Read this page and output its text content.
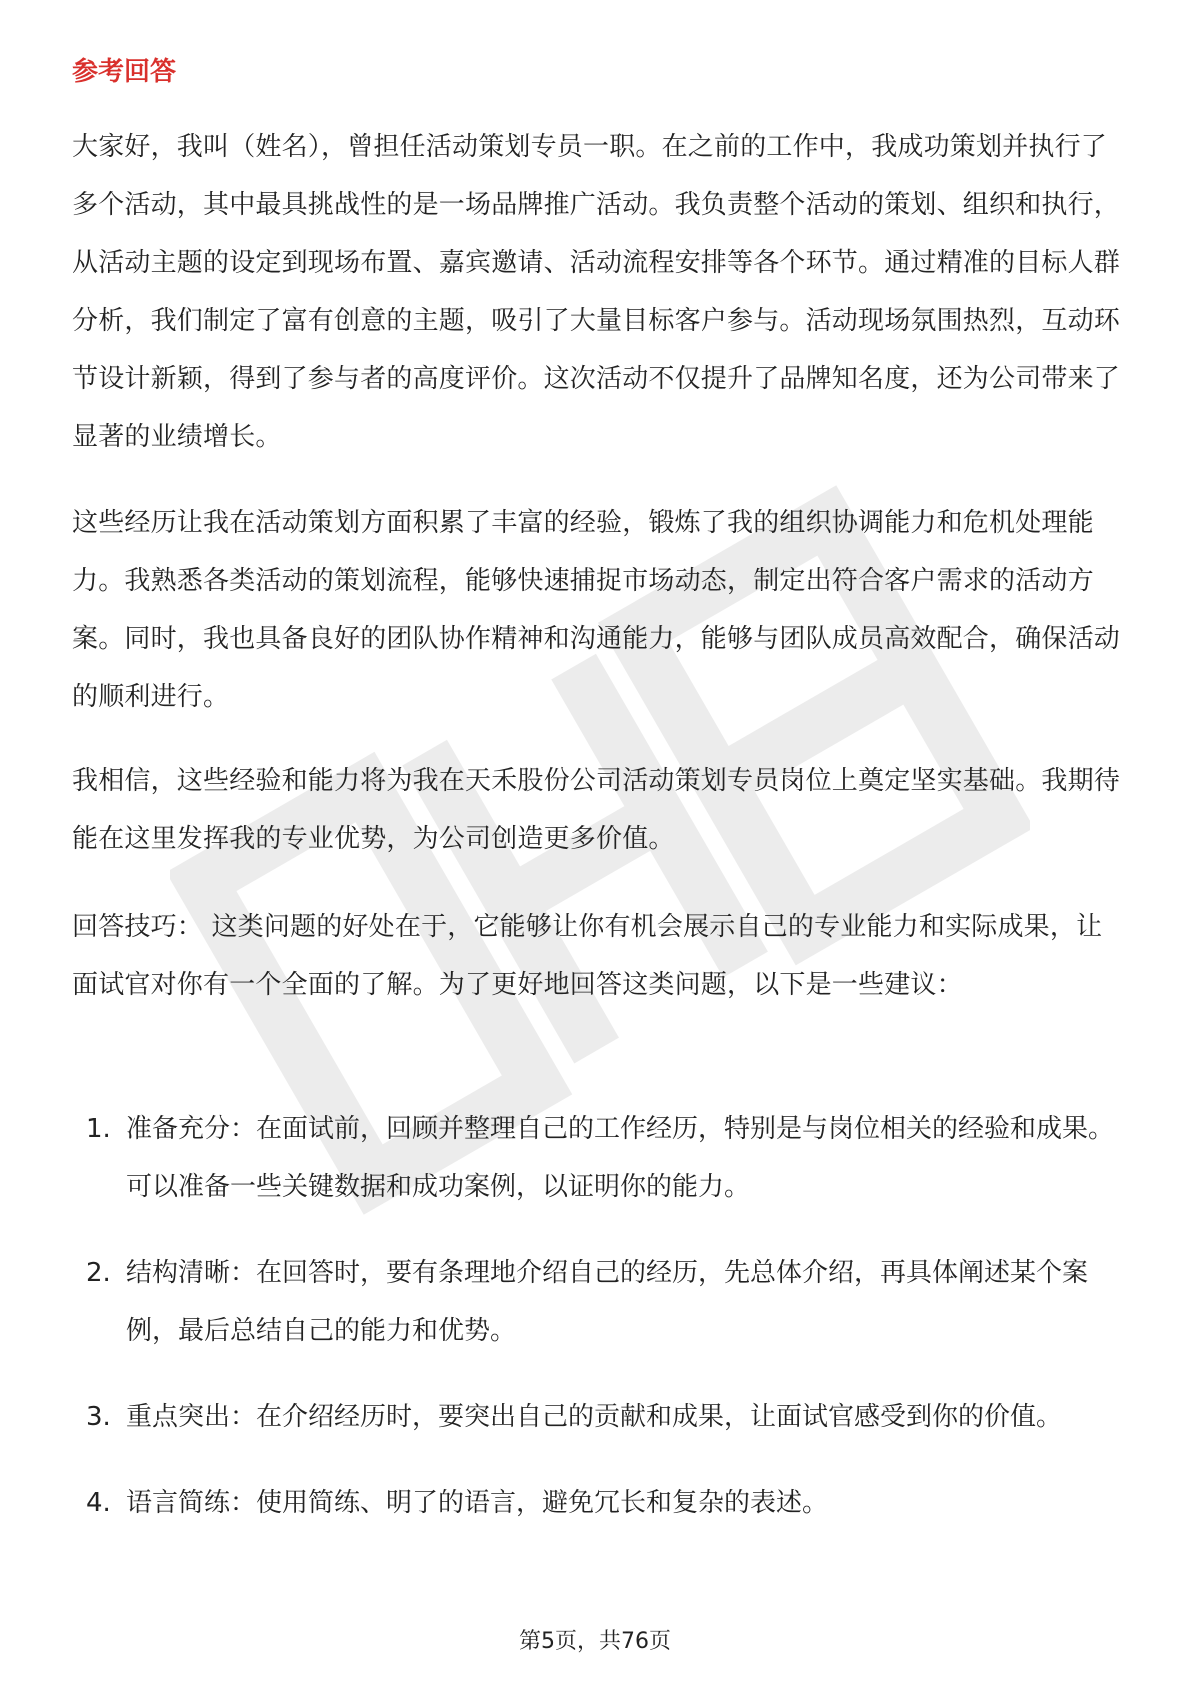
参考回答

大家好，我叫（姓名），曾担任活动策划专员一职。在之前的工作中，我成功策划并执行了多个活动，其中最具挑战性的是一场品牌推广活动。我负责整个活动的策划、组织和执行，从活动主题的设定到现场布置、嘉宾邀请、活动流程安排等各个环节。通过精准的目标人群分析，我们制定了富有创意的主题，吸引了大量目标客户参与。活动现场氛围热烈，互动环节设计新颖，得到了参与者的高度评价。这次活动不仅提升了品牌知名度，还为公司带来了显著的业绩增长。

这些经历让我在活动策划方面积累了丰富的经验，锻炼了我的组织协调能力和危机处理能力。我熟悉各类活动的策划流程，能够快速捕捉市场动态，制定出符合客户需求的活动方案。同时，我也具备良好的团队协作精神和沟通能力，能够与团队成员高效配合，确保活动的顺利进行。

我相信，这些经验和能力将为我在天禾股份公司活动策划专员岗位上奠定坚实基础。我期待能在这里发挥我的专业优势，为公司创造更多价值。

回答技巧： 这类问题的好处在于，它能够让你有机会展示自己的专业能力和实际成果，让面试官对你有一个全面的了解。为了更好地回答这类问题，以下是一些建议：

1. 准备充分：在面试前，回顾并整理自己的工作经历，特别是与岗位相关的经验和成果。可以准备一些关键数据和成功案例，以证明你的能力。
2. 结构清晰：在回答时，要有条理地介绍自己的经历，先总体介绍，再具体阐述某个案例，最后总结自己的能力和优势。
3. 重点突出：在介绍经历时，要突出自己的贡献和成果，让面试官感受到你的价值。
4. 语言简练：使用简练、明了的语言，避免冗长和复杂的表述。
第5页，共76页
